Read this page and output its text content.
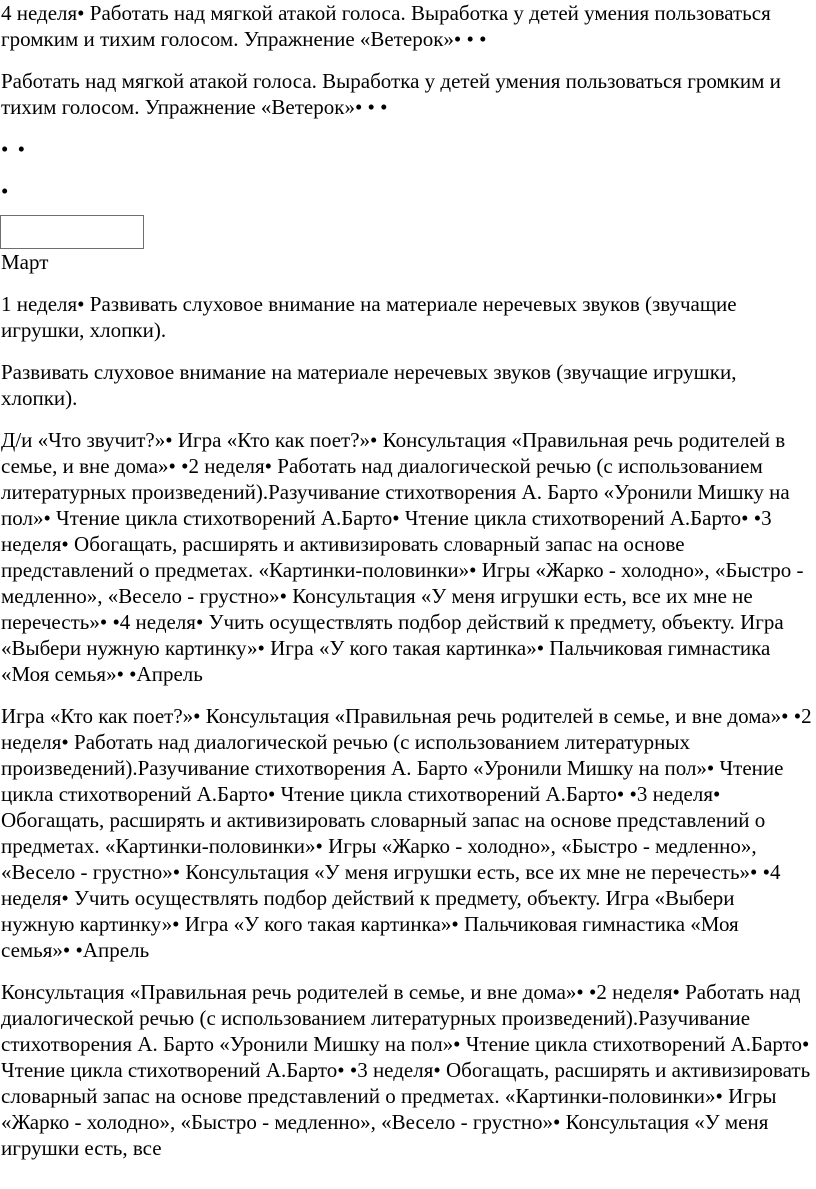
4 неделя• Работать над мягкой атакой голоса. Выработка у детей умения пользоваться громким и тихим голосом. Упражнение «Ветерок»• • •

Работать над мягкой атакой голоса. Выработка у детей умения пользоваться громким и тихим голосом. Упражнение «Ветерок»• • •

• •

•

Март

1 неделя• Развивать слуховое внимание на материале неречевых звуков (звучащие игрушки, хлопки).

Развивать слуховое внимание на материале неречевых звуков (звучащие игрушки, хлопки).

Д/и «Что звучит?»• Игра «Кто как поет?»• Консультация «Правильная речь родителей в семье, и вне дома»• •2 неделя• Работать над диалогической речью (с использованием литературных произведений).Разучивание стихотворения А. Барто «Уронили Мишку на пол»• Чтение цикла стихотворений А.Барто• Чтение цикла стихотворений А.Барто• •3 неделя• Обогащать, расширять и активизировать словарный запас на основе представлений о предметах. «Картинки-половинки»• Игры «Жарко - холодно», «Быстро - медленно», «Весело - грустно»• Консультация «У меня игрушки есть, все их мне не перечесть»• •4 неделя• Учить осуществлять подбор действий к предмету, объекту. Игра «Выбери нужную картинку»• Игра «У кого такая картинка»• Пальчиковая гимнастика «Моя семья»• •Апрель

Игра «Кто как поет?»• Консультация «Правильная речь родителей в семье, и вне дома»• •2 неделя• Работать над диалогической речью (с использованием литературных произведений).Разучивание стихотворения А. Барто «Уронили Мишку на пол»• Чтение цикла стихотворений А.Барто• Чтение цикла стихотворений А.Барто• •3 неделя• Обогащать, расширять и активизировать словарный запас на основе представлений о предметах. «Картинки-половинки»• Игры «Жарко - холодно», «Быстро - медленно», «Весело - грустно»• Консультация «У меня игрушки есть, все их мне не перечесть»• •4 неделя• Учить осуществлять подбор действий к предмету, объекту. Игра «Выбери нужную картинку»• Игра «У кого такая картинка»• Пальчиковая гимнастика «Моя семья»• •Апрель

Консультация «Правильная речь родителей в семье, и вне дома»• •2 неделя• Работать над диалогической речью (с использованием литературных произведений).Разучивание стихотворения А. Барто «Уронили Мишку на пол»• Чтение цикла стихотворений А.Барто• Чтение цикла стихотворений А.Барто• •3 неделя• Обогащать, расширять и активизировать словарный запас на основе представлений о предметах. «Картинки-половинки»• Игры «Жарко - холодно», «Быстро - медленно», «Весело - грустно»• Консультация «У меня игрушки есть, все
